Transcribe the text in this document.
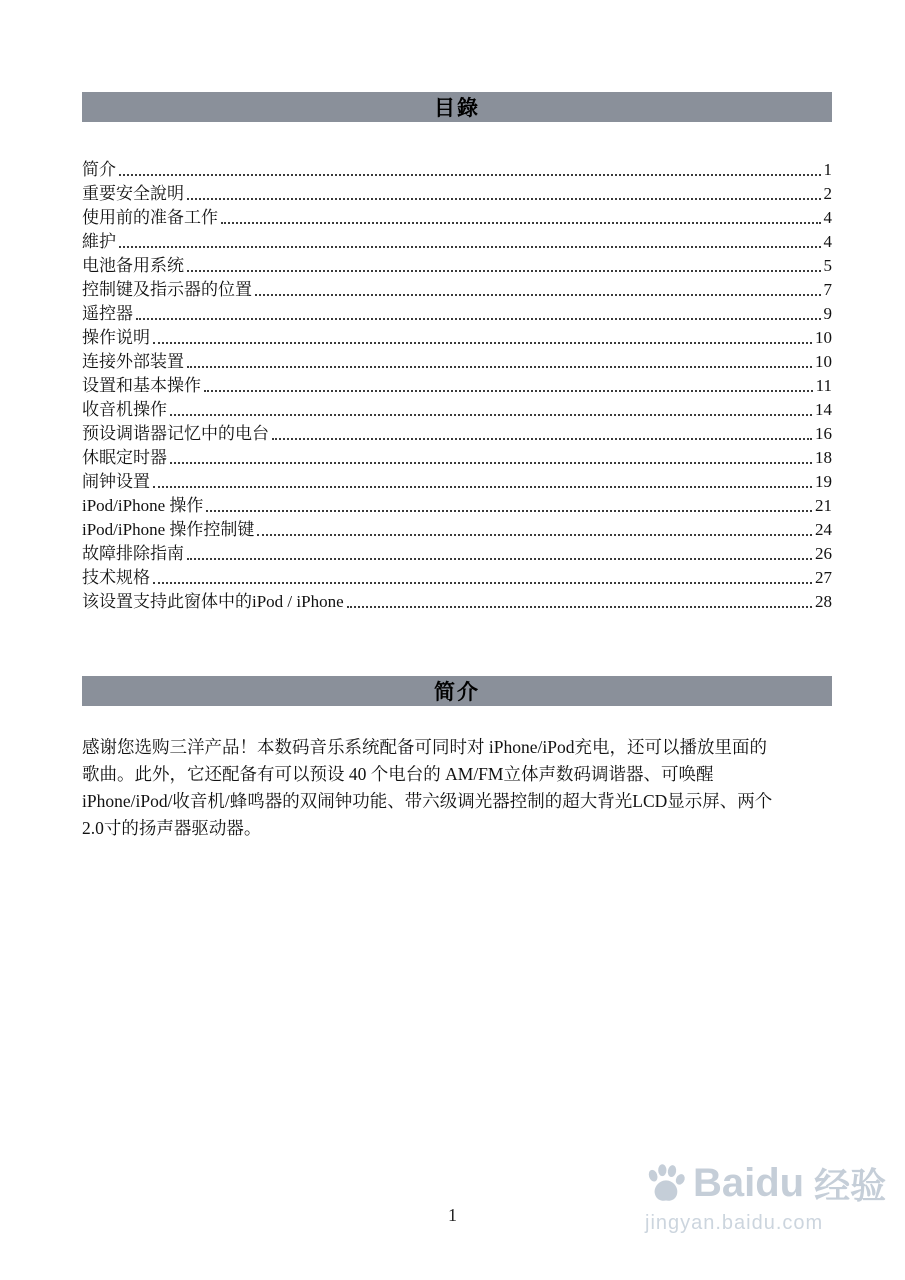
目錄
简介	1
重要安全說明	2
使用前的准备工作	4
維护	4
电池备用系统	5
控制键及指示器的位置	7
遥控器	9
操作说明	10
连接外部装置	10
设置和基本操作	11
收音机操作	14
预设调谐器记忆中的电台	16
休眠定时器	18
闹钟设置	19
iPod/iPhone 操作	21
iPod/iPhone 操作控制键	24
故障排除指南	26
技术规格	27
该设置支持此窗体中的iPod / iPhone	28
简介
感谢您选购三洋产品！本数码音乐系统配备可同时对 iPhone/iPod充电，还可以播放里面的
歌曲。此外，它还配备有可以预设 40 个电台的 AM/FM立体声数码调谐器、可唤醒
iPhone/iPod/收音机/蜂鸣器的双闹钟功能、带六级调光器控制的超大背光LCD显示屏、两个
2.0寸的扬声器驱动器。
1
Baidu 经验
jingyan.baidu.com
